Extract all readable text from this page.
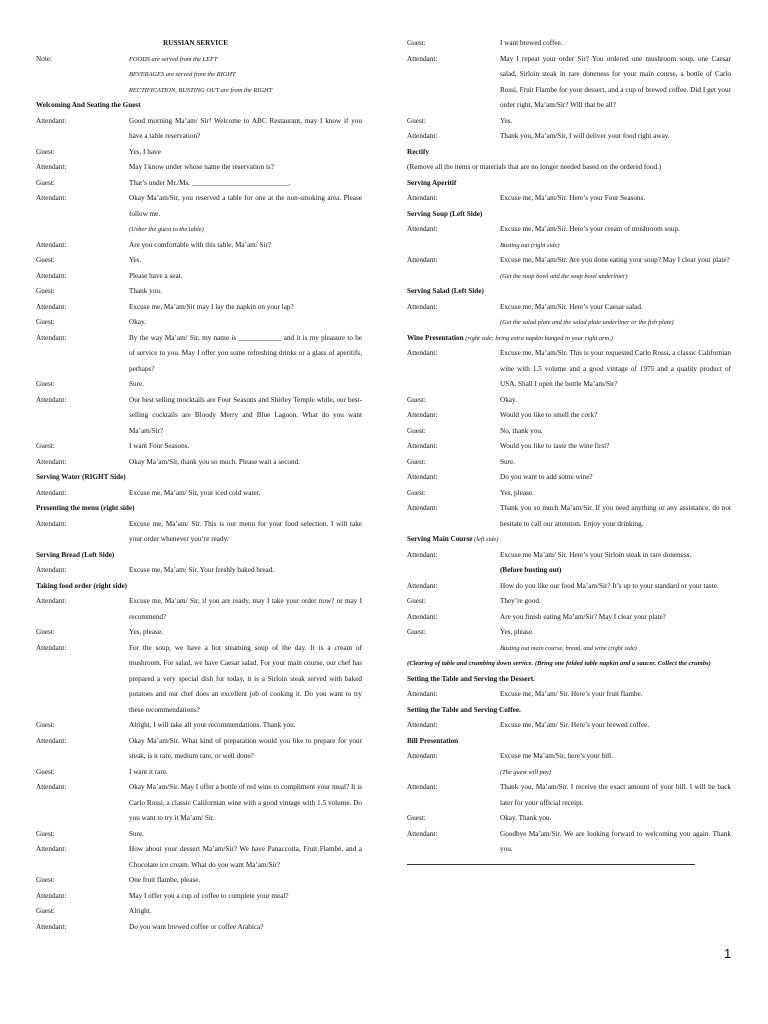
RUSSIAN SERVICE
Note:	FOODS are served from the LEFT
BEVERAGES are served from the RIGHT
RECTIFICATION, BUSTING OUT are from the RIGHT
Welcoming And Seating the Guest
Attendant:	Good morning Ma’am/ Sir! Welcome to ABC Restaurant, may I know if you have a table reservation?
Guest:	Yes, I have
Attendant:	May I know under whose name the reservation is?
Guest:	That’s under Mr./Ms. ___________________________.
Attendant:	Okay Ma’am/Sir, you reserved a table for one at the non-smoking area. Please follow me.
(Usher the guest to the table)
Attendant:	Are you comfortable with this table, Ma’am/ Sir?
Guest:	Yes.
Attendant:	Please have a seat.
Guest:	Thank you.
Attendant:	Excuse me, Ma’am/Sir may I lay the napkin on your lap?
Guest:	Okay.
Attendant:	By the way Ma’am/ Sir, my name is ____________ and it is my pleasure to be of service to you. May I offer you some refreshing drinks or a glass of aperitifs, perhaps?
Guest:	Sure.
Attendant:	Our best selling mocktails are Four Seasons and Shirley Temple while, our best-selling cocktails are Bloody Merry and Blue Lagoon. What do you want Ma’am/Sir?
Guest:	I want Four Seasons.
Attendant:	Okay Ma’am/Sir, thank you so much. Please wait a second.
Serving Water (RIGHT Side)
Attendant:	Excuse me, Ma’am/ Sir, your iced cold water.
Presenting the menu (right side)
Attendant:	Excuse me, Ma’am/ Sir. This is our menu for your food selection. I will take your order whenever you’re ready.
Serving Bread (Left Side)
Attendant:	Excuse me, Ma’am/ Sir. Your freshly baked bread.
Taking food order (right side)
Attendant:	Excuse me, Ma’am/ Sir, if you are ready, may I take your order now? or may I recommend?
Guest:	Yes, please.
Attendant:	For the soup, we have a hot steaming soup of the day. It is a cream of mushroom. For salad, we have Caesar salad. For your main course, our chef has prepared a very special dish for today, it is a Sirloin steak served with baked potatoes and our chef does an excellent job of cooking it. Do you want to try these recommendations?
Guest:	Alright, I will take all your recommendations. Thank you.
Attendant:	Okay Ma’am/Sir. What kind of preparation would you like to prepare for your steak, is it rare, medium rare, or well done?
Guest:	I want it rare.
Attendant:	Okay Ma’am/Sir. May I offer a bottle of red wine to compliment your meal? It is Carlo Rossi, a classic Californian wine with a good vintage with 1.5 volume. Do you want to try it Ma’am/ Sir.
Guest:	Sure.
Attendant:	How about your dessert Ma’am/Sir? We have Panaccotta, Fruit Flambé, and a Chocolate ice cream. What do you want Ma’am/Sir?
Guest:	One fruit flambe, please.
Attendant:	May I offer you a cup of coffee to complete your meal?
Guest:	Alright.
Attendant:	Do you want brewed coffee or coffee Arabica?
Guest:	I want brewed coffee.
Attendant:	May I repeat your order Sir? You ordered one mushroom soup, one Caesar salad, Sirloin steak in rare doneness for your main course, a bottle of Carlo Rossi, Fruit Flambe for your dessert, and a cup of brewed coffee. Did I get your order right, Ma’am/Sir? Will that be all?
Guest:	Yes.
Attendant:	Thank you, Ma’am/Sir, I will deliver your food right away.
Rectify
(Remove all the items or materials that are no longer needed based on the ordered food.)
Serving Aperitif
Attendant:	Excuse me, Ma’am/Sir. Here’s your Four Seasons.
Serving Soup (Left Side)
Attendant:	Excuse me, Ma’am/Sir. Here’s your cream of mushroom soup.
Busting out (right side)
Attendant:	Excuse me, Ma’am/Sir. Are you done eating your soup? May I clear your plate?
(Get the soup bowl and the soup bowl underliner)
Serving Salad (Left Side)
Attendant:	Excuse me, Ma’am/Sir. Here’s your Caesar salad.
(Get the salad plate and the salad plate underliner or the fish plate)
Wine Presentation (right side; bring extra napkin hunged in your right arm.)
Attendant:	Excuse me, Ma’am/Sir. This is your requested Carlo Rossi, a classic Californian wine with 1.5 volume and a good vintage of 1975 and a quality product of USA. Shall I open the bottle Ma’am/Sir?
Guest:	Okay.
Attendant:	Would you like to smell the cork?
Guest:	No, thank you.
Attendant:	Would you like to taste the wine first?
Guest:	Sure.
Attendant:	Do you want to add some wine?
Guest:	Yes, please.
Attendant:	Thank you so much Ma’am/Sir. If you need anything or any assistance, do not hesitate to call our attention. Enjoy your drinking.
Serving Main Course (left side)
Attendant:	Excuse me Ma’am/ Sir. Here’s your Sirloin steak in rare doneness.
(Before busting out)
Attendant:	How do you like our food Ma’am/Sir? It’s up to your standard or your taste.
Guest:	They’re good.
Attendant:	Are you finish eating Ma’am/Sir? May I clear your plate?
Guest:	Yes, please.
Busting out main course, bread, and wine (right side)
(Clearing of table and crumbing down service. (Bring one folded table napkin and a saucer. Collect the crumbs)
Setting the Table and Serving the Dessert.
Attendant:	Excuse me, Ma’am/ Sir. Here’s your fruit flambe.
Setting the Table and Serving Coffee.
Attendant:	Excuse me, Ma’am/ Sir. Here’s your brewed coffee.
Bill Presentation
Attendant:	Excuse me Ma’am/Sir, here’s your bill.
(The guest will pay)
Attendant:	Thank you, Ma’am/Sir. I receive the exact amount of your bill. I will be back later for your official receipt.
Guest:	Okay. Thank you.
Attendant:	Goodbye Ma’am/Sir. We are looking forward to welcoming you again. Thank you.
1
